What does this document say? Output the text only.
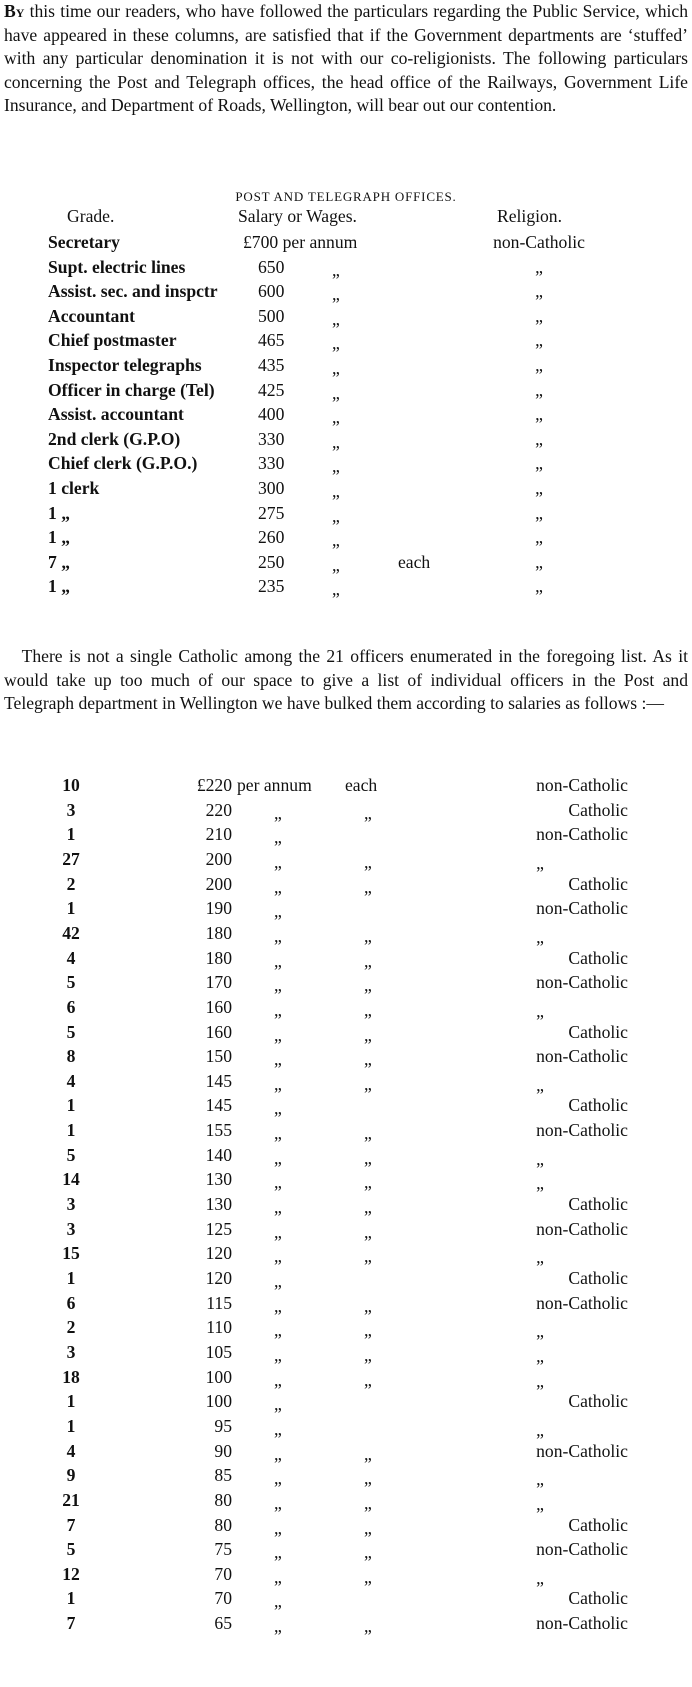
By this time our readers, who have followed the particulars regarding the Public Service, which have appeared in these columns, are satisfied that if the Government departments are ‘stuffed’ with any particular denomination it is not with our co-religionists. The following particulars concerning the Post and Telegraph offices, the head office of the Railways, Government Life Insurance, and Department of Roads, Wellington, will bear out our contention.

POST AND TELEGRAPH OFFICES.
Grade.	Salary or Wages.	Religion.
Secretary	£700 per annum	non-Catholic
Supt. electric lines	650	„	„
Assist. sec. and inspctr 600	„	„
Accountant	500	„	„
Chief postmaster	465	„	„
Inspector telegraphs	435	„	„
Officer in charge (Tel) 425	„	„
Assist. accountant	400	„	„
2nd clerk (G.P.O)	330	„	„
Chief clerk (G.P.O.)	330	„	„
1 clerk	300	„	„
1 „	275	„	„
1 „	260	„	„
7 „	250	„	each	„
1 „	235	„	„

 There is not a single Catholic among the 21 officers enumerated in the foregoing list. As it would take up too much of our space to give a list of individual officers in the Post and Telegraph department in Wellington we have bulked them according to salaries as follows :—

10	£220 per annum each	non-Catholic
3	220 „	„	Catholic
1	210 „	non-Catholic
27	200 „	„	„
2	200 „	„	Catholic
1	190 „	non-Catholic
42	180 „	„	„
4	180 „	„	Catholic
5	170 „	„	non-Catholic
6	160 „	„	„
5	160 „	„	Catholic
8	150 „	„	non-Catholic
4	145 „	„	„
1	145 „	Catholic
1	155 „	„	non-Catholic
5	140 „	„	„
14	130 „	„	„
3	130 „	„	Catholic
3	125 „	„	non-Catholic
15	120 „	„	„
1	120 „	Catholic
6	115 „	„	non-Catholic
2	110 „	„	„
3	105 „	„	„
18	100 „	„	„
1	100 „	Catholic
1	95 „	„
4	90 „	„	non-Catholic
9	85 „	„	„
21	80 „	„	„
7	80 „	„	Catholic
5	75 „	„	non-Catholic
12	70 „	„	„
1	70 „	Catholic
7	65 „	„	non-Catholic
